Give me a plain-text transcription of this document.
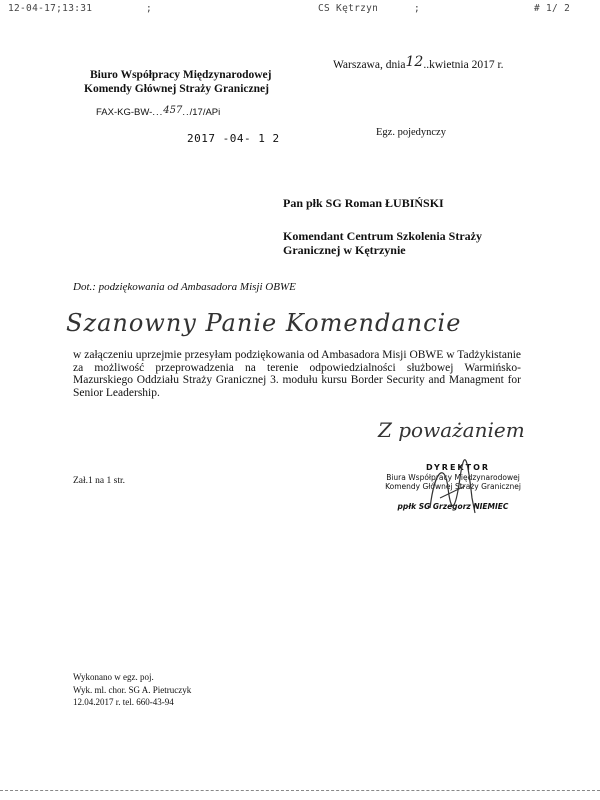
12-04-17;13:31	;	CS Kętrzyn	;	# 1/ 2
Biuro Współpracy Międzynarodowej
Komendy Głównej Straży Granicznej
FAX-KG-BW-...457../17/APi
2017 -04- 1 2
Warszawa, dnia12..kwietnia 2017 r.
Egz. pojedynczy
Pan płk SG Roman ŁUBIŃSKI
Komendant Centrum Szkolenia Straży
Granicznej w Kętrzynie
Dot.: podziękowania od Ambasadora Misji OBWE
Szanowny Panie Komendancie
w załączeniu uprzejmie przesyłam podziękowania od Ambasadora Misji OBWE w Tadżykistanie za możliwość przeprowadzenia na terenie odpowiedzialności służbowej Warmińsko-Mazurskiego Oddziału Straży Granicznej 3. modułu kursu Border Security and Managment for Senior Leadership.
Z poważaniem
DYREKTOR
Biura Współpracy Międzynarodowej
Komendy Głównej Straży Granicznej
ppłk SG Grzegorz NIEMIEC
Zał.1 na 1 str.
Wykonano w egz. poj.
Wyk. ml. chor. SG A. Pietruczyk
12.04.2017 r. tel. 660-43-94
